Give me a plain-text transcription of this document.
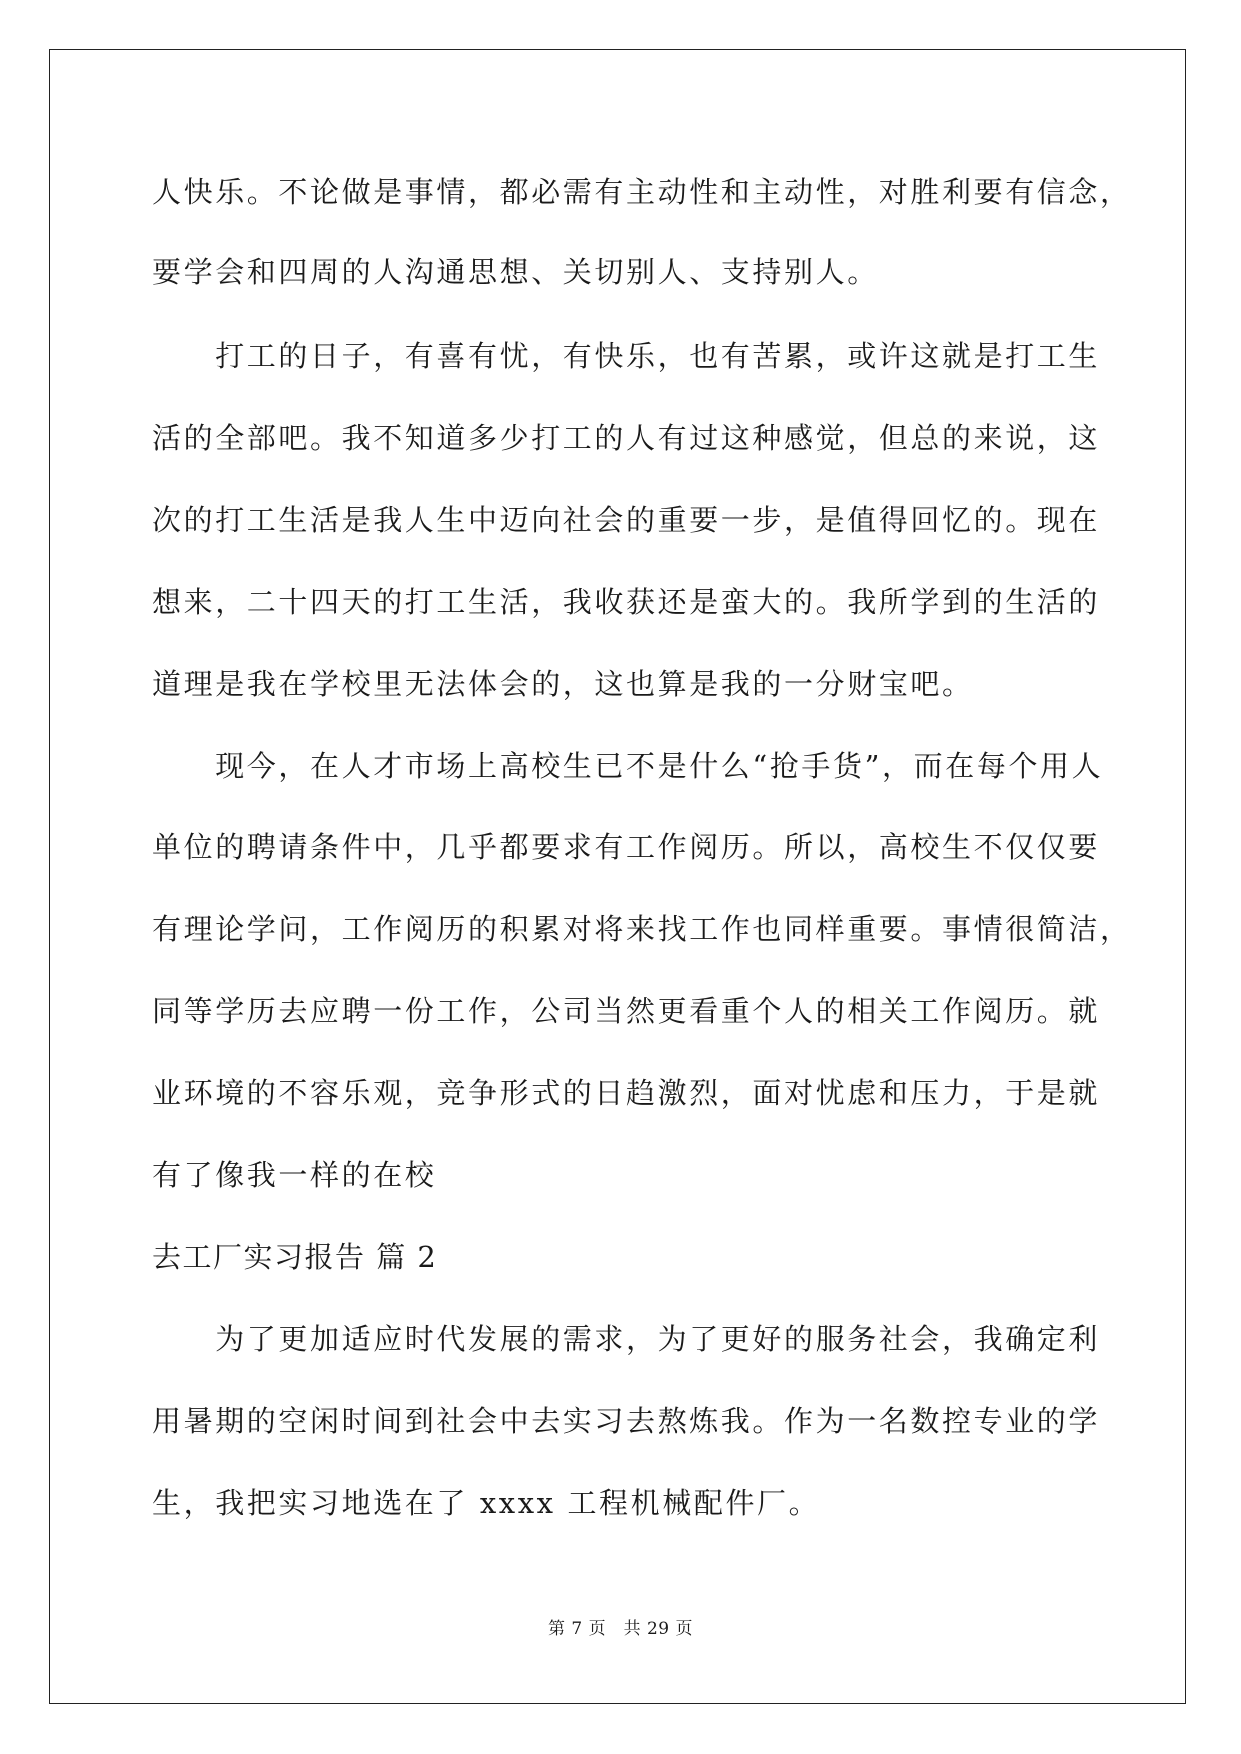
人快乐。不论做是事情，都必需有主动性和主动性，对胜利要有信念，
要学会和四周的人沟通思想、关切别人、支持别人。
　　打工的日子，有喜有忧，有快乐，也有苦累，或许这就是打工生
活的全部吧。我不知道多少打工的人有过这种感觉，但总的来说，这
次的打工生活是我人生中迈向社会的重要一步，是值得回忆的。现在
想来，二十四天的打工生活，我收获还是蛮大的。我所学到的生活的
道理是我在学校里无法体会的，这也算是我的一分财宝吧。
　　现今，在人才市场上高校生已不是什么“抢手货”，而在每个用人
单位的聘请条件中，几乎都要求有工作阅历。所以，高校生不仅仅要
有理论学问，工作阅历的积累对将来找工作也同样重要。事情很简洁，
同等学历去应聘一份工作，公司当然更看重个人的相关工作阅历。就
业环境的不容乐观，竞争形式的日趋激烈，面对忧虑和压力，于是就
有了像我一样的在校
去工厂实习报告 篇 2
　　为了更加适应时代发展的需求，为了更好的服务社会，我确定利
用暑期的空闲时间到社会中去实习去熬炼我。作为一名数控专业的学
生，我把实习地选在了 xxxx 工程机械配件厂。
第 7 页　共 29 页
